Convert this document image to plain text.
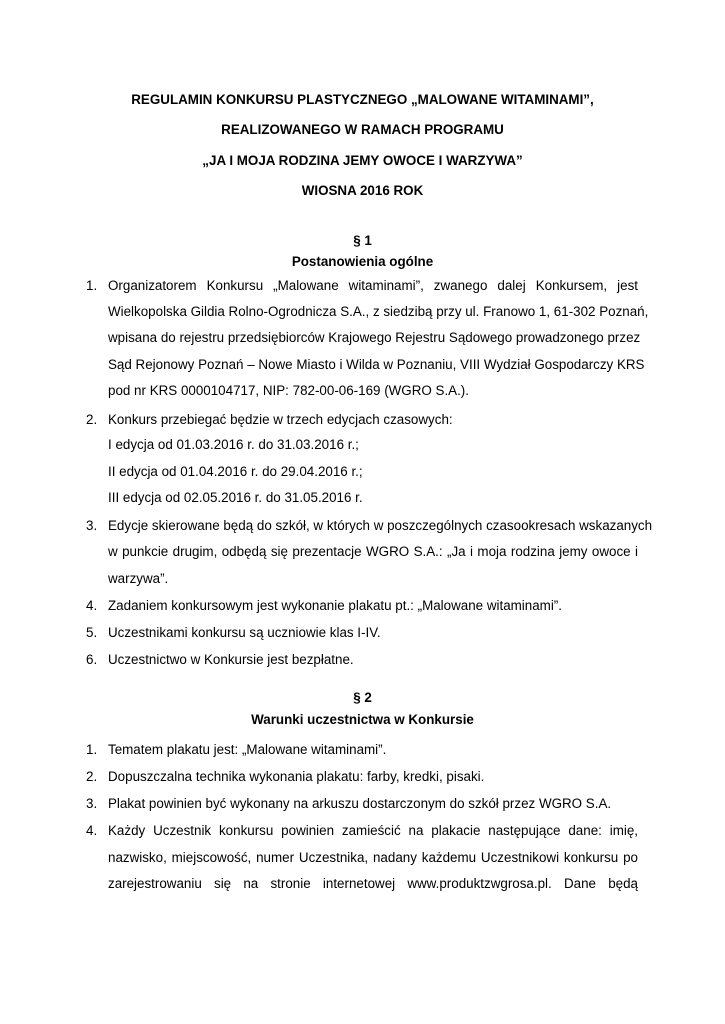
REGULAMIN KONKURSU PLASTYCZNEGO „MALOWANE WITAMINAMI”,
REALIZOWANEGO W RAMACH PROGRAMU
„JA I MOJA RODZINA JEMY OWOCE I WARZYWA”
WIOSNA 2016 ROK
§ 1
Postanowienia ogólne
1. Organizatorem Konkursu „Malowane witaminami”, zwanego dalej Konkursem, jest
Wielkopolska Gildia Rolno-Ogrodnicza S.A., z siedzibą przy ul. Franowo 1, 61-302 Poznań,
wpisana do rejestru przedsiębiorców Krajowego Rejestru Sądowego prowadzonego przez
Sąd Rejonowy Poznań – Nowe Miasto i Wilda w Poznaniu, VIII Wydział Gospodarczy KRS
pod nr KRS 0000104717, NIP: 782-00-06-169 (WGRO S.A.).
2. Konkurs przebiegać będzie w trzech edycjach czasowych:
I edycja od 01.03.2016 r. do 31.03.2016 r.;
II edycja od 01.04.2016 r. do 29.04.2016 r.;
III edycja od 02.05.2016 r. do 31.05.2016 r.
3. Edycje skierowane będą do szkół, w których w poszczególnych czasookresach wskazanych
w punkcie drugim, odbędą się prezentacje WGRO S.A.: „Ja i moja rodzina jemy owoce i
warzywa”.
4. Zadaniem konkursowym jest wykonanie plakatu pt.: „Malowane witaminami”.
5. Uczestnikami konkursu są uczniowie klas I-IV.
6. Uczestnictwo w Konkursie jest bezpłatne.
§ 2
Warunki uczestnictwa w Konkursie
1. Tematem plakatu jest: „Malowane witaminami”.
2. Dopuszczalna technika wykonania plakatu: farby, kredki, pisaki.
3. Plakat powinien być wykonany na arkuszu dostarczonym do szkół przez WGRO S.A.
4. Każdy Uczestnik konkursu powinien zamieścić na plakacie następujące dane: imię,
nazwisko, miejscowość, numer Uczestnika, nadany każdemu Uczestnikowi konkursu po
zarejestrowaniu się na stronie internetowej www.produktzwgrosa.pl. Dane będą
